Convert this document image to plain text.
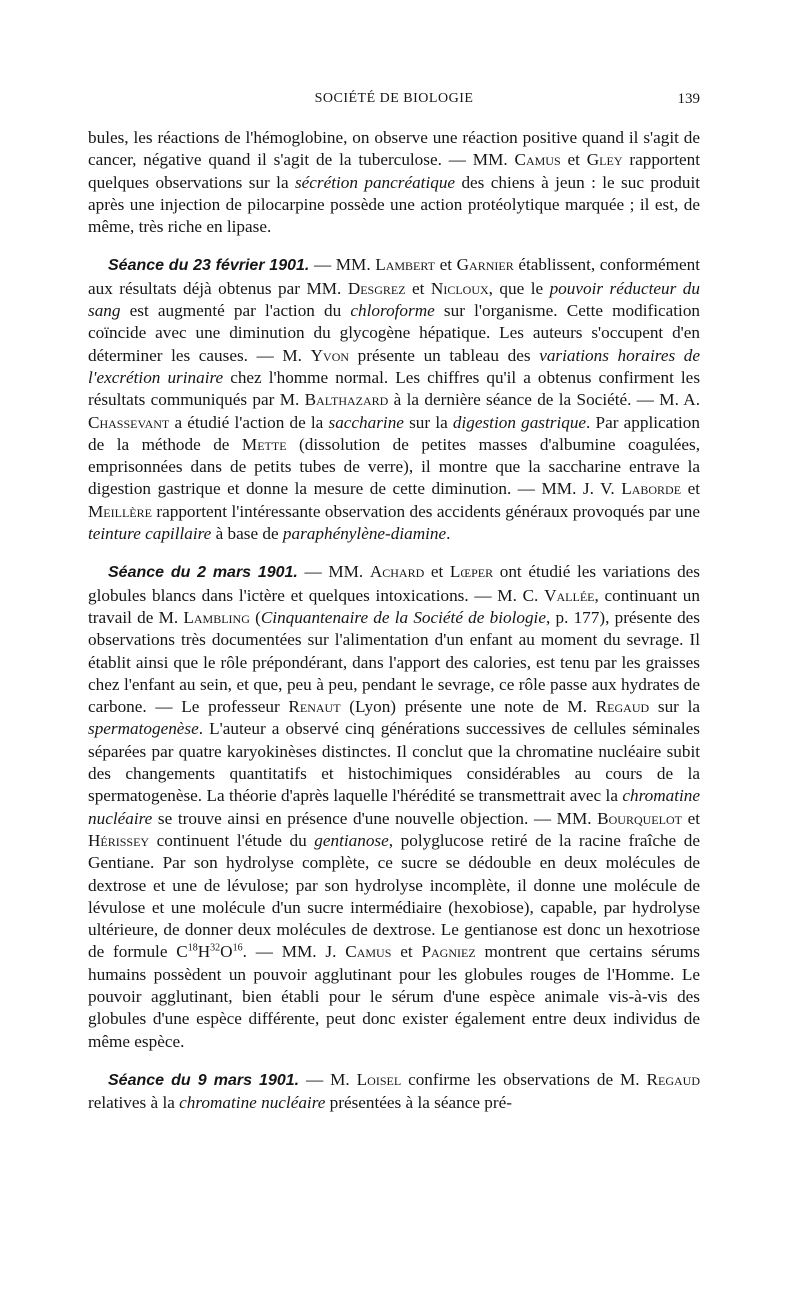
SOCIÉTÉ DE BIOLOGIE	139

bules, les réactions de l'hémoglobine, on observe une réaction positive quand il s'agit de cancer, négative quand il s'agit de la tuberculose. — MM. Camus et Gley rapportent quelques observations sur la sécrétion pancréatique des chiens à jeun : le suc produit après une injection de pilocarpine possède une action protéolytique marquée ; il est, de même, très riche en lipase.

Séance du 23 février 1901. — MM. Lambert et Garnier établissent, conformément aux résultats déjà obtenus par MM. Desgrez et Nicloux, que le pouvoir réducteur du sang est augmenté par l'action du chloroforme sur l'organisme. Cette modification coïncide avec une diminution du glycogène hépatique. Les auteurs s'occupent d'en déterminer les causes. — M. Yvon présente un tableau des variations horaires de l'excrétion urinaire chez l'homme normal. Les chiffres qu'il a obtenus confirment les résultats communiqués par M. Balthazard à la dernière séance de la Société. — M. A. Chassevant a étudié l'action de la saccharine sur la digestion gastrique. Par application de la méthode de Mette (dissolution de petites masses d'albumine coagulées, emprisonnées dans de petits tubes de verre), il montre que la saccharine entrave la digestion gastrique et donne la mesure de cette diminution. — MM. J. V. Laborde et Meillère rapportent l'intéressante observation des accidents généraux provoqués par une teinture capillaire à base de paraphénylène-diamine.

Séance du 2 mars 1901. — MM. Achard et Lœper ont étudié les variations des globules blancs dans l'ictère et quelques intoxications. — M. C. Vallée, continuant un travail de M. Lambling (Cinquantenaire de la Société de biologie, p. 177), présente des observations très documentées sur l'alimentation d'un enfant au moment du sevrage. Il établit ainsi que le rôle prépondérant, dans l'apport des calories, est tenu par les graisses chez l'enfant au sein, et que, peu à peu, pendant le sevrage, ce rôle passe aux hydrates de carbone. — Le professeur Renaut (Lyon) présente une note de M. Regaud sur la spermatogenèse. L'auteur a observé cinq générations successives de cellules séminales séparées par quatre karyokinèses distinctes. Il conclut que la chromatine nucléaire subit des changements quantitatifs et histochimiques considérables au cours de la spermatogenèse. La théorie d'après laquelle l'hérédité se transmettrait avec la chromatine nucléaire se trouve ainsi en présence d'une nouvelle objection. — MM. Bourquelot et Hérissey continuent l'étude du gentianose, polyglucose retiré de la racine fraîche de Gentiane. Par son hydrolyse complète, ce sucre se dédouble en deux molécules de dextrose et une de lévulose; par son hydrolyse incomplète, il donne une molécule de lévulose et une molécule d'un sucre intermédiaire (hexobiose), capable, par hydrolyse ultérieure, de donner deux molécules de dextrose. Le gentianose est donc un hexotriose de formule $C^{18}H^{32}O^{16}$. — MM. J. Camus et Pagniez montrent que certains sérums humains possèdent un pouvoir agglutinant pour les globules rouges de l'Homme. Le pouvoir agglutinant, bien établi pour le sérum d'une espèce animale vis-à-vis des globules d'une espèce différente, peut donc exister également entre deux individus de même espèce.

Séance du 9 mars 1901. — M. Loisel confirme les observations de M. Regaud relatives à la chromatine nucléaire présentées à la séance pré-
